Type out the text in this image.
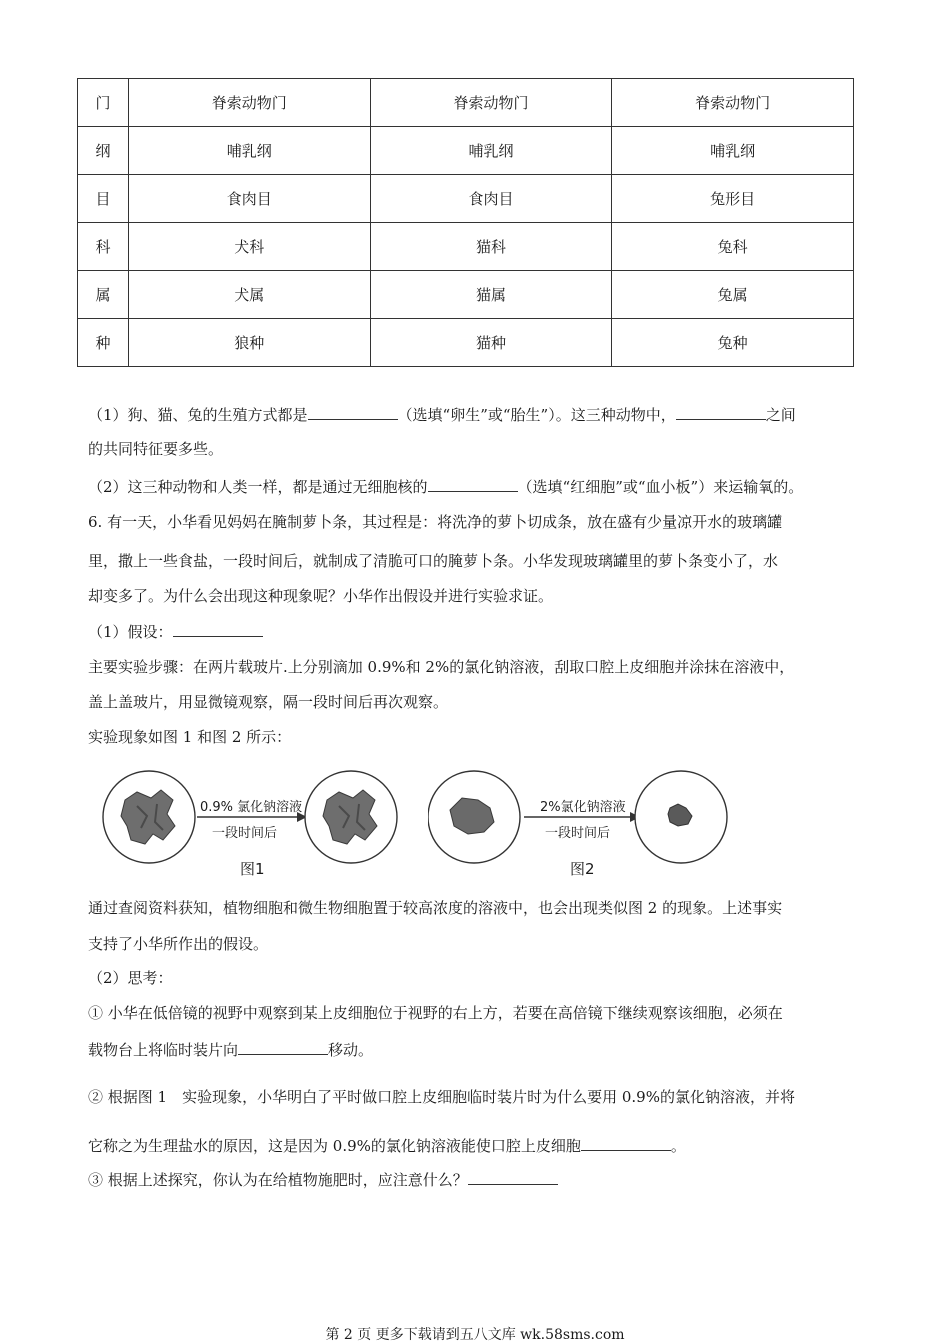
门	脊索动物门	脊索动物门	脊索动物门
纲	哺乳纲	哺乳纲	哺乳纲
目	食肉目	食肉目	兔形目
科	犬科	猫科	兔科
属	犬属	猫属	兔属
种	狼种	猫种	兔种
（1）狗、猫、兔的生殖方式都是	（选填“卵生”或“胎生”）。这三种动物中，	之间
的共同特征要多些。
（2）这三种动物和人类一样，都是通过无细胞核的	（选填“红细胞”或“血小板”）来运输氧的。
6. 有一天，小华看见妈妈在腌制萝卜条，其过程是：将洗净的萝卜切成条，放在盛有少量凉开水的玻璃罐
里，撒上一些食盐，一段时间后，就制成了清脆可口的腌萝卜条。小华发现玻璃罐里的萝卜条变小了，水
却变多了。为什么会出现这种现象呢？小华作出假设并进行实验求证。
（1）假设：
主要实验步骤：在两片载玻片.上分别滴加 0.9%和 2%的氯化钠溶液，刮取口腔上皮细胞并涂抹在溶液中，
盖上盖玻片，用显微镜观察，隔一段时间后再次观察。
实验现象如图 1 和图 2 所示：
0.9% 氯化钠溶液
一段时间后
图1
2%氯化钠溶液
一段时间后
图2
通过查阅资料获知，植物细胞和微生物细胞置于较高浓度的溶液中，也会出现类似图 2 的现象。上述事实
支持了小华所作出的假设。
（2）思考：
① 小华在低倍镜的视野中观察到某上皮细胞位于视野的右上方，若要在高倍镜下继续观察该细胞，必须在
载物台上将临时装片向	移动。
② 根据图 1　实验现象，小华明白了平时做口腔上皮细胞临时装片时为什么要用 0.9%的氯化钠溶液，并将
它称之为生理盐水的原因，这是因为 0.9%的氯化钠溶液能使口腔上皮细胞	。
③ 根据上述探究，你认为在给植物施肥时，应注意什么？
第 2 页 更多下载请到五八文库 wk.58sms.com
